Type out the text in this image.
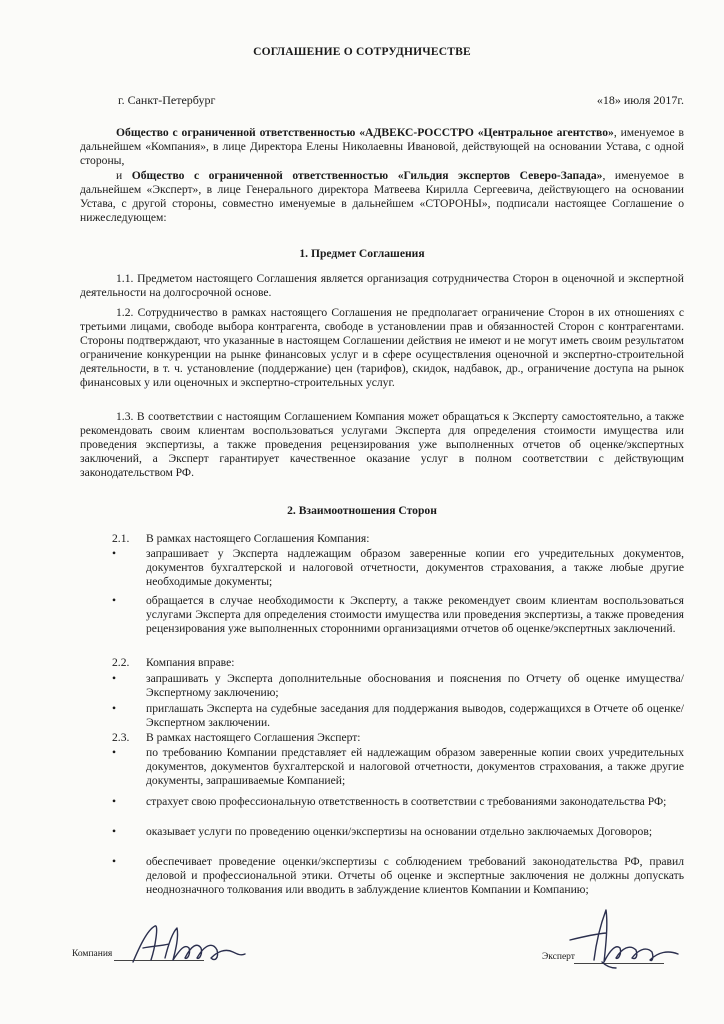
СОГЛАШЕНИЕ О СОТРУДНИЧЕСТВЕ
г. Санкт-Петербург	«18» июля 2017г.

Общество с ограниченной ответственностью «АДВЕКС-РОССТРО «Центральное агентство», именуемое в дальнейшем «Компания», в лице Директора Елены Николаевны Ивановой, действующей на основании Устава, с одной стороны,

и Общество с ограниченной ответственностью «Гильдия экспертов Северо-Запада», именуемое в дальнейшем «Эксперт», в лице Генерального директора Матвеева Кирилла Сергеевича, действующего на основании Устава, с другой стороны, совместно именуемые в дальнейшем «СТОРОНЫ», подписали настоящее Соглашение о нижеследующем:

1. Предмет Соглашения

1.1. Предметом настоящего Соглашения является организация сотрудничества Сторон в оценочной и экспертной деятельности на долгосрочной основе.

1.2. Сотрудничество в рамках настоящего Соглашения не предполагает ограничение Сторон в их отношениях с третьими лицами, свободе выбора контрагента, свободе в установлении прав и обязанностей Сторон с контрагентами. Стороны подтверждают, что указанные в настоящем Соглашении действия не имеют и не могут иметь своим результатом ограничение конкуренции на рынке финансовых услуг и в сфере осуществления оценочной и экспертно-строительной деятельности, в т. ч. установление (поддержание) цен (тарифов), скидок, надбавок, др., ограничение доступа на рынок финансовых у или оценочных и экспертно-строительных услуг.

1.3. В соответствии с настоящим Соглашением Компания может обращаться к Эксперту самостоятельно, а также рекомендовать своим клиентам воспользоваться услугами Эксперта для определения стоимости имущества или проведения экспертизы, а также проведения рецензирования уже выполненных отчетов об оценке/экспертных заключений, а Эксперт гарантирует качественное оказание услуг в полном соответствии с действующим законодательством РФ.

2. Взаимоотношения Сторон
2.1. В рамках настоящего Соглашения Компания:
•	запрашивает у Эксперта надлежащим образом заверенные копии его учредительных документов, документов бухгалтерской и налоговой отчетности, документов страхования, а также любые другие необходимые документы;
•	обращается в случае необходимости к Эксперту, а также рекомендует своим клиентам воспользоваться услугами Эксперта для определения стоимости имущества или проведения экспертизы, а также проведения рецензирования уже выполненных сторонними организациями отчетов об оценке/экспертных заключений.
2.2. Компания вправе:
•	запрашивать у Эксперта дополнительные обоснования и пояснения по Отчету об оценке имущества/Экспертному заключению;
•	приглашать Эксперта на судебные заседания для поддержания выводов, содержащихся в Отчете об оценке/Экспертном заключении.
2.3. В рамках настоящего Соглашения Эксперт:
•	по требованию Компании представляет ей надлежащим образом заверенные копии своих учредительных документов, документов бухгалтерской и налоговой отчетности, документов страхования, а также другие документы, запрашиваемые Компанией;
•	страхует свою профессиональную ответственность в соответствии с требованиями законодательства РФ;
•	оказывает услуги по проведению оценки/экспертизы на основании отдельно заключаемых Договоров;
•	обеспечивает проведение оценки/экспертизы с соблюдением требований законодательства РФ, правил деловой и профессиональной этики. Отчеты об оценке и экспертные заключения не должны допускать неоднозначного толкования или вводить в заблуждение клиентов Компании и Компанию;
Компания	Эксперт
